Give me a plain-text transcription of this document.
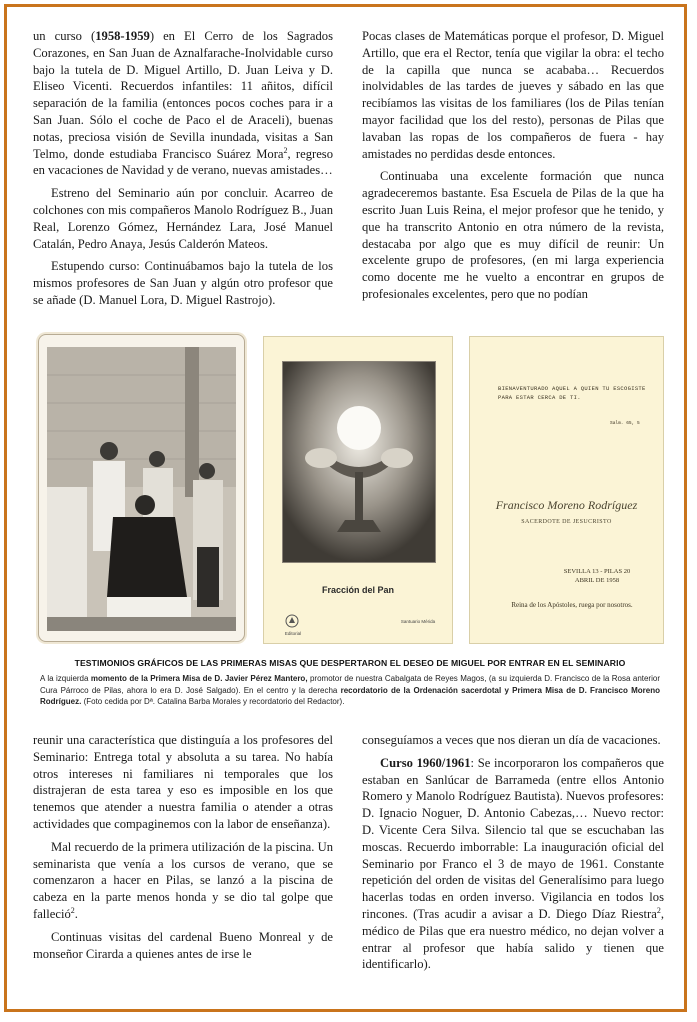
un curso (1958-1959) en El Cerro de los Sagrados Corazones, en San Juan de Aznalfarache-Inolvidable curso bajo la tutela de D. Miguel Artillo, D. Juan Leiva y D. Eliseo Vicenti. Recuerdos infantiles: 11 añitos, difícil separación de la familia (entonces pocos coches para ir a San Juan. Sólo el coche de Paco el de Araceli), buenas notas, preciosa visión de Sevilla inundada, visitas a San Telmo, donde estudiaba Francisco Suárez Mora$^2$, regreso en vacaciones de Navidad y de verano, nuevas amistades…

Estreno del Seminario aún por concluir. Acarreo de colchones con mis compañeros Manolo Rodríguez B., Juan Real, Lorenzo Gómez, Hernández Lara, José Manuel Catalán, Pedro Anaya, Jesús Calderón Mateos.

Estupendo curso: Continuábamos bajo la tutela de los mismos profesores de San Juan y algún otro profesor que se añade (D. Manuel Lora, D. Miguel Rastrojo).

Pocas clases de Matemáticas porque el profesor, D. Miguel Artillo, que era el Rector, tenía que vigilar la obra: el techo de la capilla que nunca se acababa… Recuerdos inolvidables de las tardes de jueves y sábado en las que recibíamos las visitas de los familiares (los de Pilas tenían mayor facilidad que los del resto), personas de Pilas que lavaban las ropas de los compañeros de fuera - hay amistades no perdidas desde entonces.

Continuaba una excelente formación que nunca agradeceremos bastante. Esa Escuela de Pilas de la que ha escrito Juan Luis Reina, el mejor profesor que he tenido, y que ha transcrito Antonio en otra número de la revista, destacaba por algo que es muy difícil de reunir: Un excelente grupo de profesores, (en mi larga experiencia como docente me he vuelto a encontrar en grupos de profesionales excelentes, pero que no podían

Fracción del Pan
Editorial
Santuario Mérida
BIENAVENTURADO AQUEL A QUIEN TU ESCOGISTE PARA ESTAR CERCA DE TI.
Salm. 65, 5
Francisco Moreno Rodríguez
SACERDOTE DE JESUCRISTO
SEVILLA 13 - PILAS 20
ABRIL DE 1958
Reina de los Apóstoles, ruega por nosotros.
TESTIMONIOS GRÁFICOS DE LAS PRIMERAS MISAS QUE DESPERTARON EL DESEO DE MIGUEL POR ENTRAR EN EL SEMINARIO
A la izquierda momento de la Primera Misa de D. Javier Pérez Mantero, promotor de nuestra Cabalgata de Reyes Magos, (a su izquierda D. Francisco de la Rosa anterior Cura Párroco de Pilas, ahora lo era D. José Salgado). En el centro y la derecha recordatorio de la Ordenación sacerdotal y Primera Misa de D. Francisco Moreno Rodríguez. (Foto cedida por Dª. Catalina Barba Morales y recordatorio del Redactor).

reunir una característica que distinguía a los profesores del Seminario: Entrega total y absoluta a su tarea. No había otros intereses ni familiares ni temporales que los distrajeran de esta tarea y eso es imposible en los que tenemos que atender a nuestra familia o atender a otras actividades que compaginemos con la labor de enseñanza).

Mal recuerdo de la primera utilización de la piscina. Un seminarista que venía a los cursos de verano, que se comenzaron a hacer en Pilas, se lanzó a la piscina de cabeza en la parte menos honda y se dio tal golpe que falleció$^2$.

Continuas visitas del cardenal Bueno Monreal y de monseñor Cirarda a quienes antes de irse le

conseguíamos a veces que nos dieran un día de vacaciones.

Curso 1960/1961: Se incorporaron los compañeros que estaban en Sanlúcar de Barrameda (entre ellos Antonio Romero y Manolo Rodríguez Bautista). Nuevos profesores: D. Ignacio Noguer, D. Antonio Cabezas,… Nuevo rector: D. Vicente Cera Silva. Silencio tal que se escuchaban las moscas. Recuerdo imborrable: La inauguración oficial del Seminario por Franco el 3 de mayo de 1961. Constante repetición del orden de visitas del Generalísimo para luego hacerlas todas en orden inverso. Vigilancia en todos los rincones. (Tras acudir a avisar a D. Diego Díaz Riestra$^2$, médico de Pilas que era nuestro médico, no dejan volver a entrar al profesor que había salido y tienen que identificarlo).
